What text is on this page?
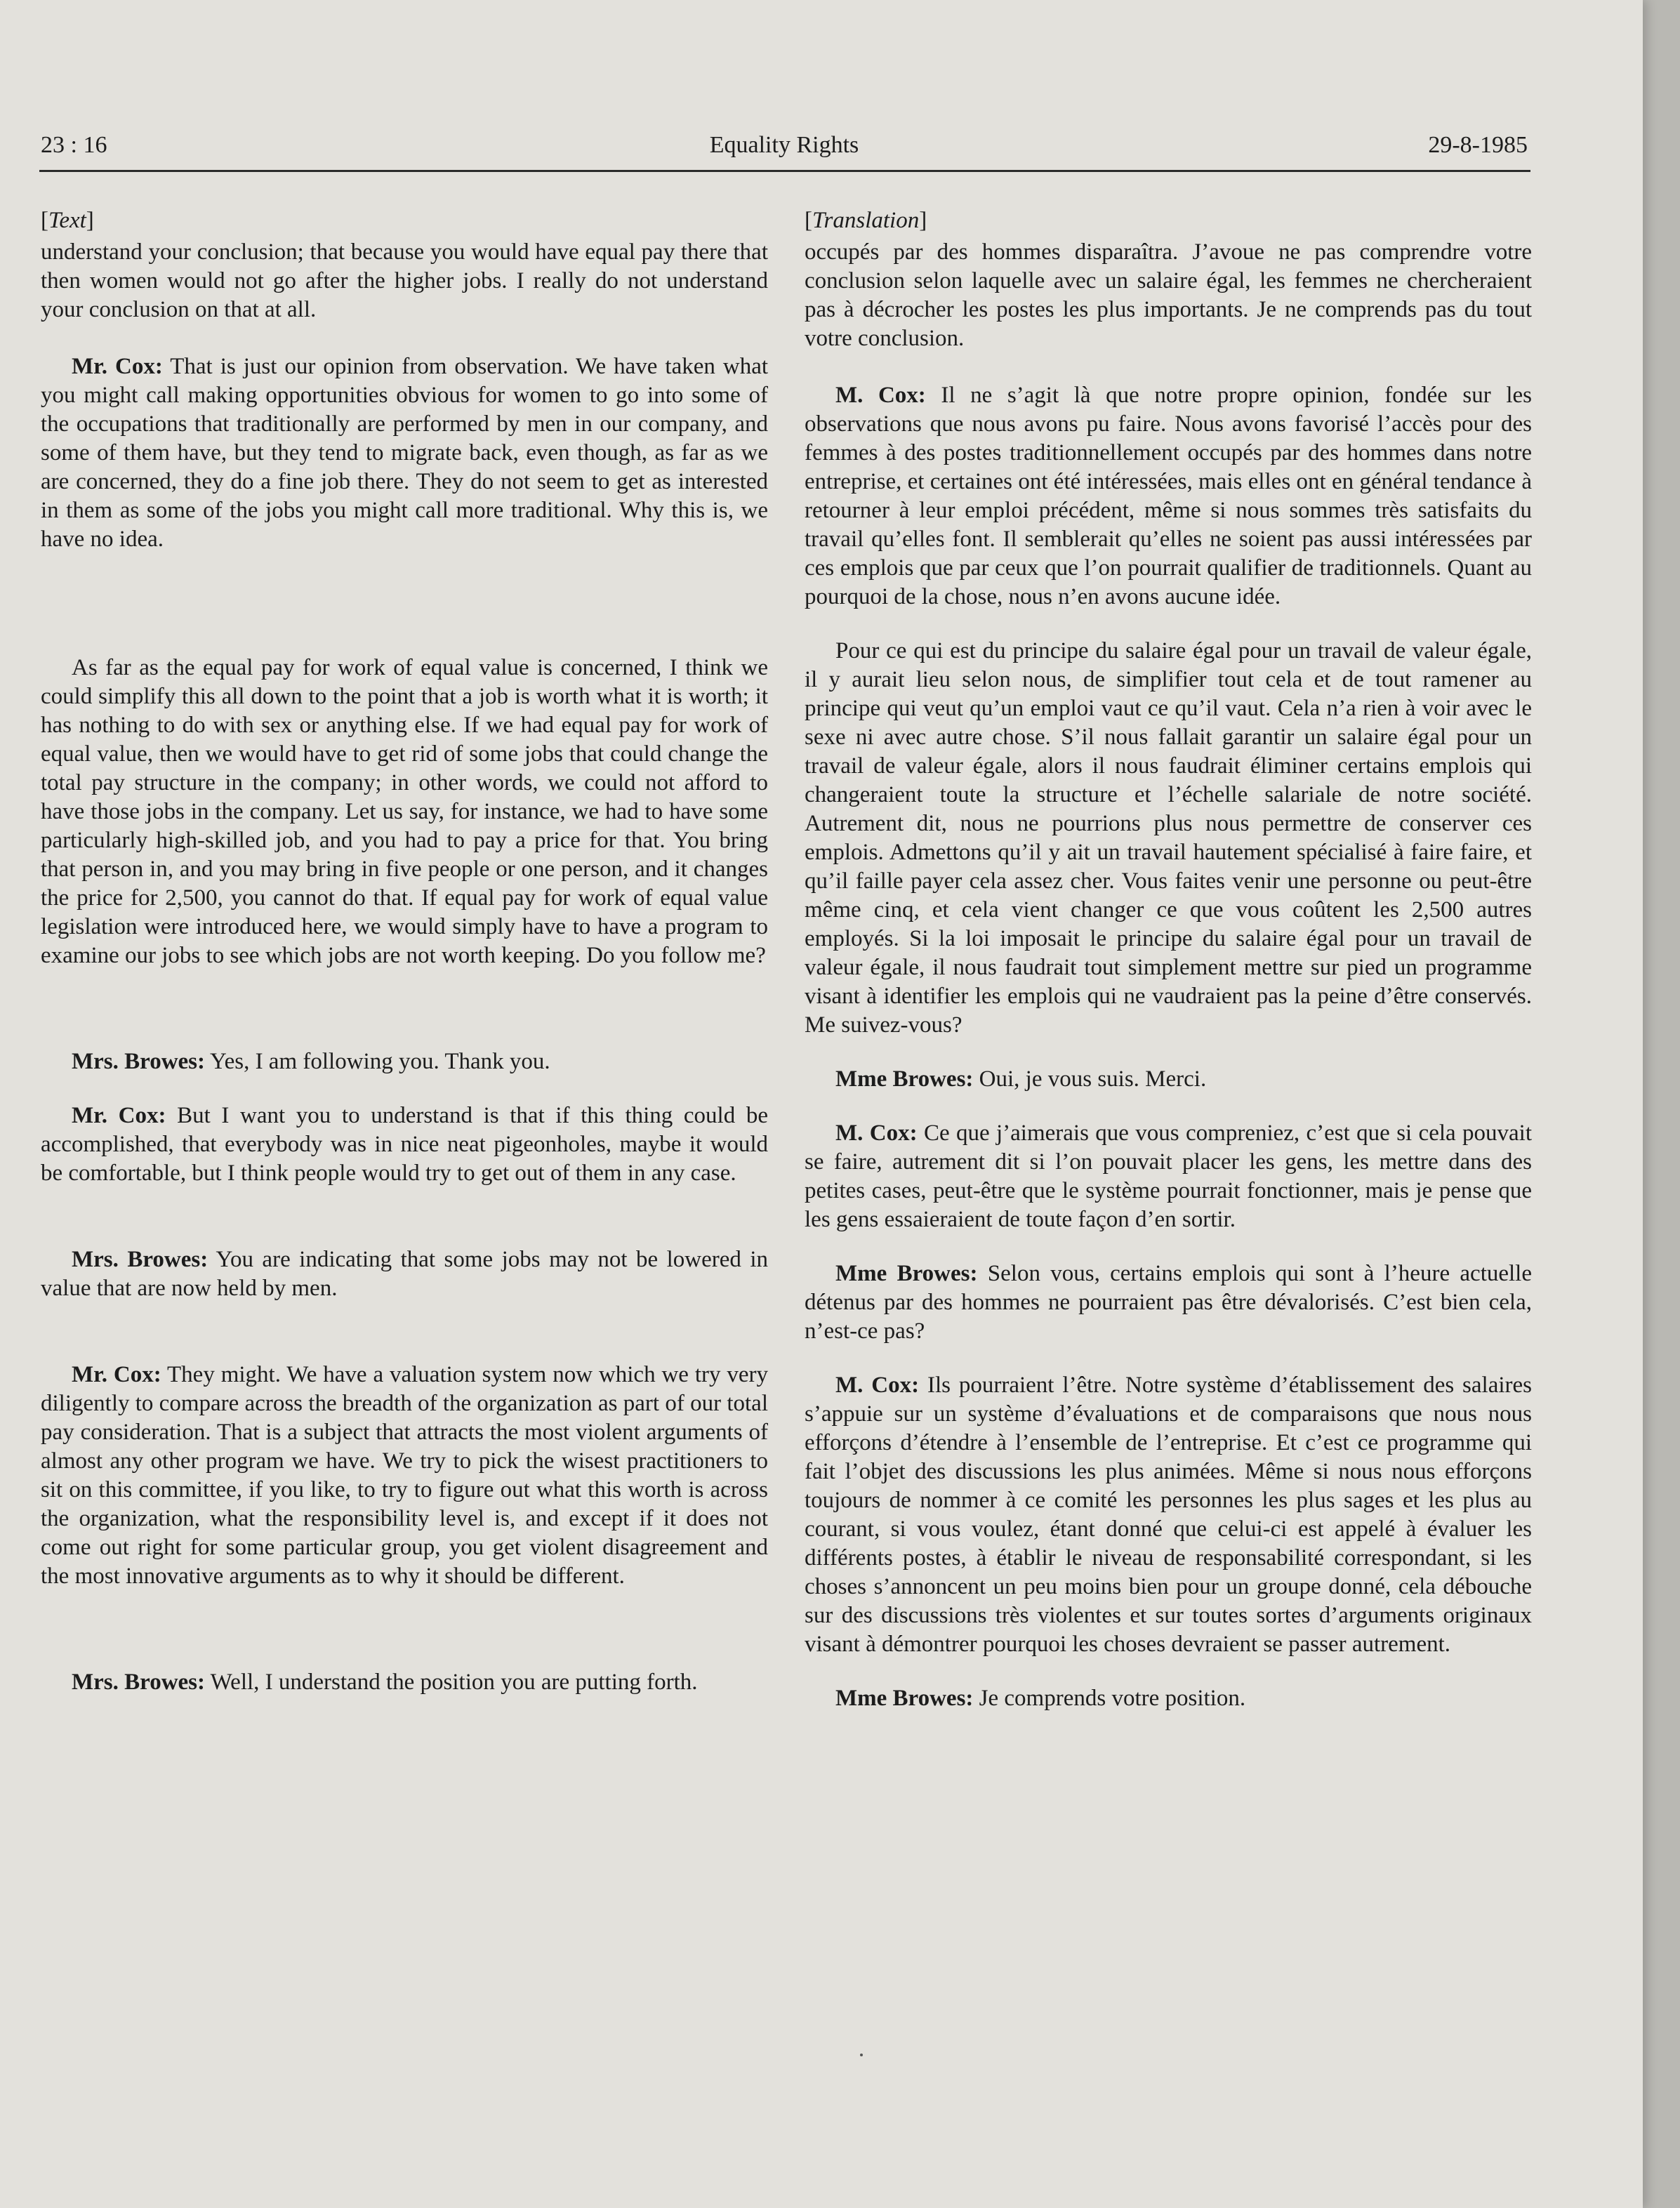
23 : 16	Equality Rights	29-8-1985
[Text]

understand your conclusion; that because you would have equal pay there that then women would not go after the higher jobs. I really do not understand your conclusion on that at all.

Mr. Cox: That is just our opinion from observation. We have taken what you might call making opportunities obvious for women to go into some of the occupations that traditionally are performed by men in our company, and some of them have, but they tend to migrate back, even though, as far as we are concerned, they do a fine job there. They do not seem to get as interested in them as some of the jobs you might call more traditional. Why this is, we have no idea.

As far as the equal pay for work of equal value is concerned, I think we could simplify this all down to the point that a job is worth what it is worth; it has nothing to do with sex or anything else. If we had equal pay for work of equal value, then we would have to get rid of some jobs that could change the total pay structure in the company; in other words, we could not afford to have those jobs in the company. Let us say, for instance, we had to have some particularly high-skilled job, and you had to pay a price for that. You bring that person in, and you may bring in five people or one person, and it changes the price for 2,500, you cannot do that. If equal pay for work of equal value legislation were introduced here, we would simply have to have a program to examine our jobs to see which jobs are not worth keeping. Do you follow me?

Mrs. Browes: Yes, I am following you. Thank you.

Mr. Cox: But I want you to understand is that if this thing could be accomplished, that everybody was in nice neat pigeonholes, maybe it would be comfortable, but I think people would try to get out of them in any case.

Mrs. Browes: You are indicating that some jobs may not be lowered in value that are now held by men.

Mr. Cox: They might. We have a valuation system now which we try very diligently to compare across the breadth of the organization as part of our total pay consideration. That is a subject that attracts the most violent arguments of almost any other program we have. We try to pick the wisest practitioners to sit on this committee, if you like, to try to figure out what this worth is across the organization, what the responsibility level is, and except if it does not come out right for some particular group, you get violent disagreement and the most innovative arguments as to why it should be different.

Mrs. Browes: Well, I understand the position you are putting forth.

[Translation]

occupés par des hommes disparaîtra. J’avoue ne pas comprendre votre conclusion selon laquelle avec un salaire égal, les femmes ne chercheraient pas à décrocher les postes les plus importants. Je ne comprends pas du tout votre conclusion.

M. Cox: Il ne s’agit là que notre propre opinion, fondée sur les observations que nous avons pu faire. Nous avons favorisé l’accès pour des femmes à des postes traditionnellement occupés par des hommes dans notre entreprise, et certaines ont été intéressées, mais elles ont en général tendance à retourner à leur emploi précédent, même si nous sommes très satisfaits du travail qu’elles font. Il semblerait qu’elles ne soient pas aussi intéressées par ces emplois que par ceux que l’on pourrait qualifier de traditionnels. Quant au pourquoi de la chose, nous n’en avons aucune idée.

Pour ce qui est du principe du salaire égal pour un travail de valeur égale, il y aurait lieu selon nous, de simplifier tout cela et de tout ramener au principe qui veut qu’un emploi vaut ce qu’il vaut. Cela n’a rien à voir avec le sexe ni avec autre chose. S’il nous fallait garantir un salaire égal pour un travail de valeur égale, alors il nous faudrait éliminer certains emplois qui changeraient toute la structure et l’échelle salariale de notre société. Autrement dit, nous ne pourrions plus nous permettre de conserver ces emplois. Admettons qu’il y ait un travail hautement spécialisé à faire faire, et qu’il faille payer cela assez cher. Vous faites venir une personne ou peut-être même cinq, et cela vient changer ce que vous coûtent les 2,500 autres employés. Si la loi imposait le principe du salaire égal pour un travail de valeur égale, il nous faudrait tout simplement mettre sur pied un programme visant à identifier les emplois qui ne vaudraient pas la peine d’être conservés. Me suivez-vous?

Mme Browes: Oui, je vous suis. Merci.

M. Cox: Ce que j’aimerais que vous compreniez, c’est que si cela pouvait se faire, autrement dit si l’on pouvait placer les gens, les mettre dans des petites cases, peut-être que le système pourrait fonctionner, mais je pense que les gens essaieraient de toute façon d’en sortir.

Mme Browes: Selon vous, certains emplois qui sont à l’heure actuelle détenus par des hommes ne pourraient pas être dévalorisés. C’est bien cela, n’est-ce pas?

M. Cox: Ils pourraient l’être. Notre système d’établissement des salaires s’appuie sur un système d’évaluations et de comparaisons que nous nous efforçons d’étendre à l’ensemble de l’entreprise. Et c’est ce programme qui fait l’objet des discussions les plus animées. Même si nous nous efforçons toujours de nommer à ce comité les personnes les plus sages et les plus au courant, si vous voulez, étant donné que celui-ci est appelé à évaluer les différents postes, à établir le niveau de responsabilité correspondant, si les choses s’annoncent un peu moins bien pour un groupe donné, cela débouche sur des discussions très violentes et sur toutes sortes d’arguments originaux visant à démontrer pourquoi les choses devraient se passer autrement.

Mme Browes: Je comprends votre position.
